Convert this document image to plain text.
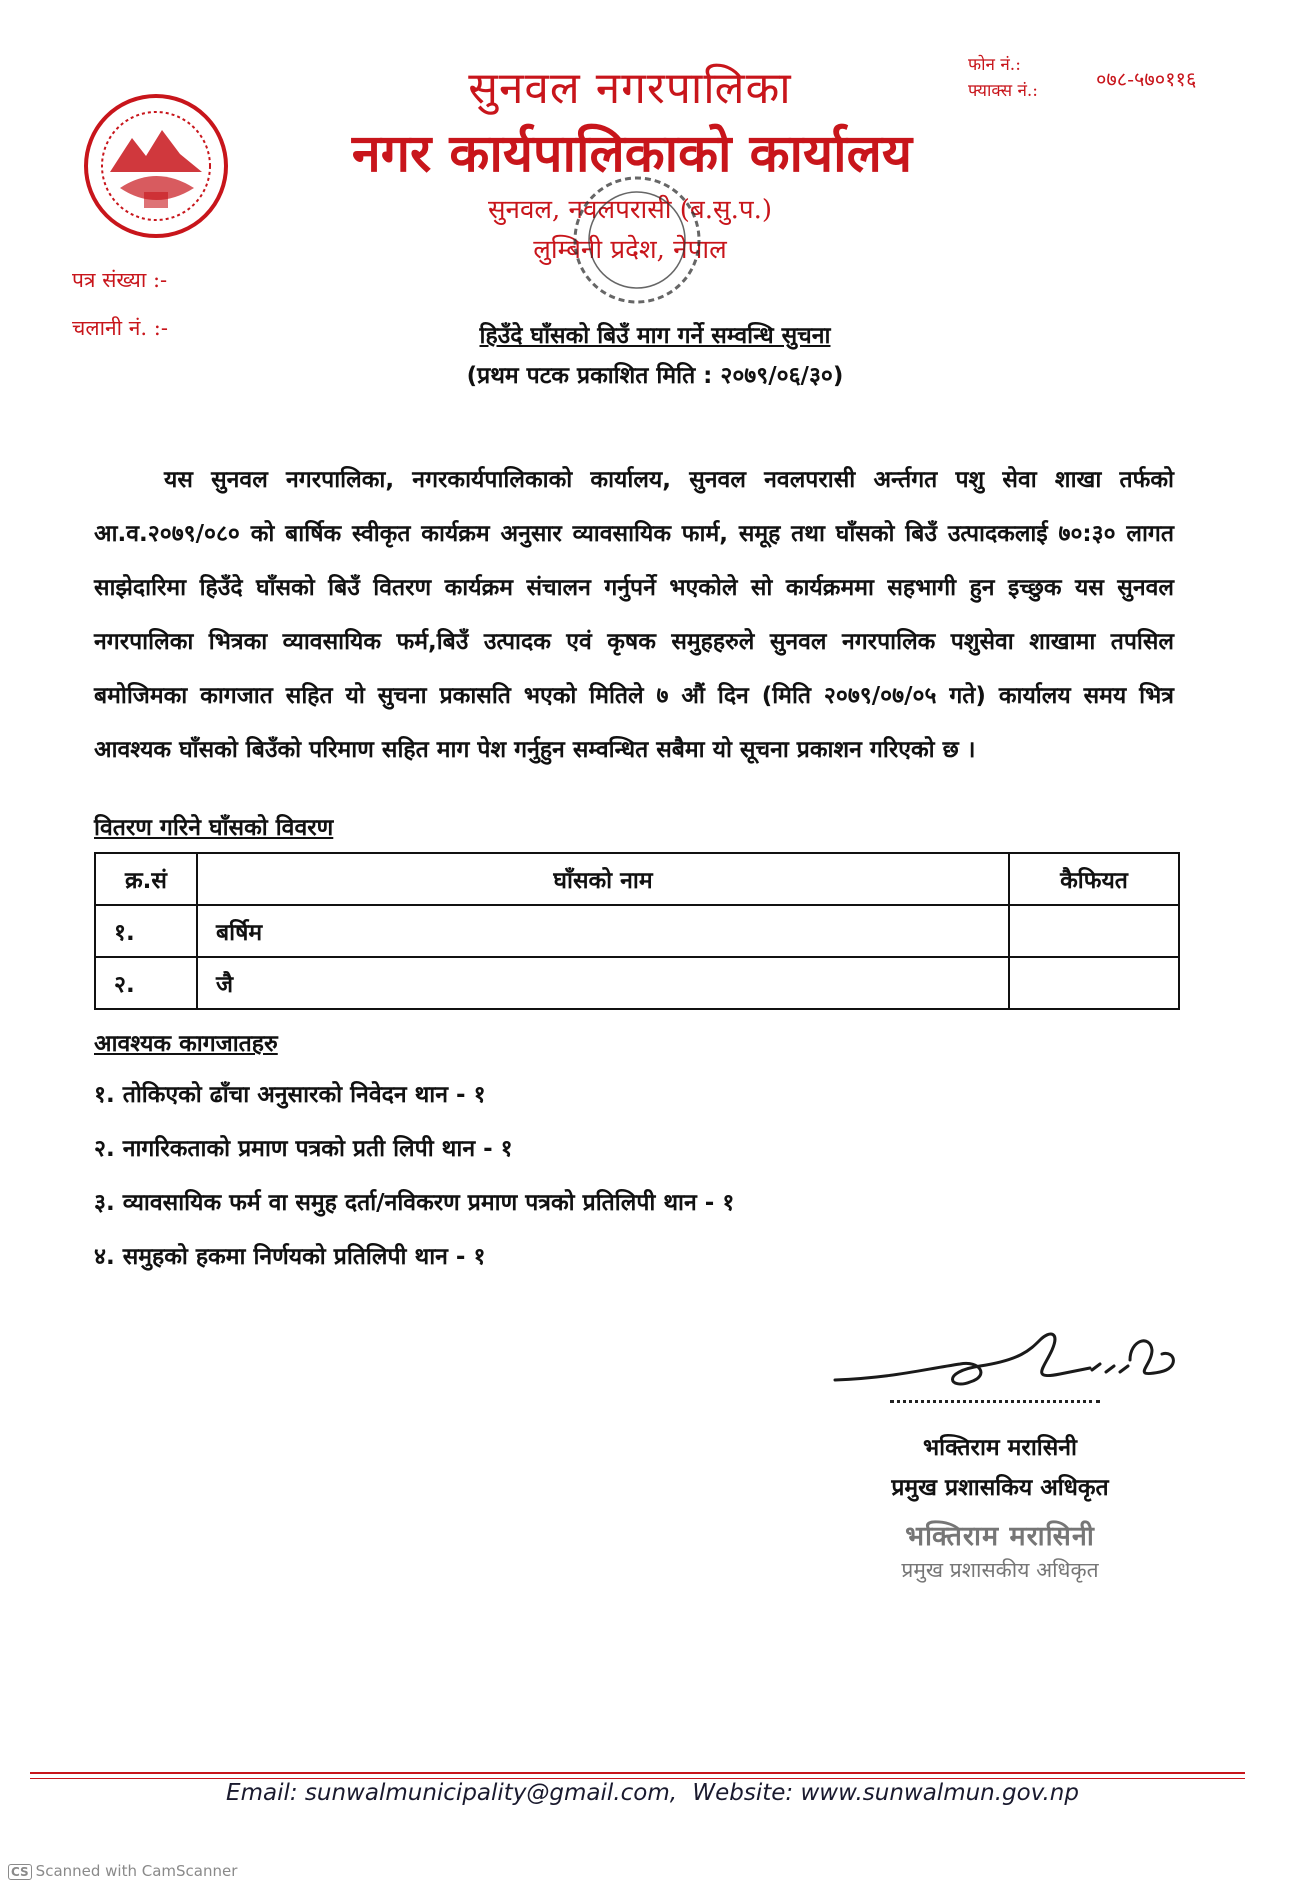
सुनवल नगरपालिका
नगर कार्यपालिकाको कार्यालय
सुनवल, नवलपरासी (ब.सु.प.)
लुम्बिनी प्रदेश, नेपाल
फोन नं.:
फ्याक्स नं.:	०७८-५७०११६
पत्र संख्या :-
चलानी नं. :-	हिउँदे घाँसको बिउँ माग गर्ने सम्वन्धि सुचना
(प्रथम पटक प्रकाशित मिति : २०७९/०६/३०)

यस सुनवल नगरपालिका, नगरकार्यपालिकाको कार्यालय, सुनवल नवलपरासी अर्न्तगत पशु सेवा शाखा तर्फको आ.व.२०७९/०८० को बार्षिक स्वीकृत कार्यक्रम अनुसार व्यावसायिक फार्म, समूह तथा घाँसको बिउँ उत्पादकलाई ७०:३० लागत साझेदारिमा हिउँदे घाँसको बिउँ वितरण कार्यक्रम संचालन गर्नुपर्ने भएकोले सो कार्यक्रममा सहभागी हुन इच्छुक यस सुनवल नगरपालिका भित्रका व्यावसायिक फर्म,बिउँ उत्पादक एवं कृषक समुहहरुले सुनवल नगरपालिक पशुसेवा शाखामा तपसिल बमोजिमका कागजात सहित यो सुचना प्रकासति भएको मितिले ७ औं दिन (मिति २०७९/०७/०५ गते) कार्यालय समय भित्र आवश्यक घाँसको बिउँको परिमाण सहित माग पेश गर्नुहुन सम्वन्धित सबैमा यो सूचना प्रकाशन गरिएको छ ।

वितरण गरिने घाँसको विवरण
क्र.सं	घाँसको नाम	कैफियत
१.	बर्षिम	
२.	जै	
आवश्यक कागजातहरु
१. तोकिएको ढाँचा अनुसारको निवेदन थान - १
२. नागरिकताको प्रमाण पत्रको प्रती लिपी थान - १
३. व्यावसायिक फर्म वा समुह दर्ता/नविकरण प्रमाण पत्रको प्रतिलिपी थान - १
४. समुहको हकमा निर्णयको प्रतिलिपी थान - १
भक्तिराम मरासिनी
प्रमुख प्रशासकिय अधिकृत
भक्तिराम मरासिनी
प्रमुख प्रशासकीय अधिकृत
Email: sunwalmunicipality@gmail.com, Website: www.sunwalmun.gov.np
CS Scanned with CamScanner
